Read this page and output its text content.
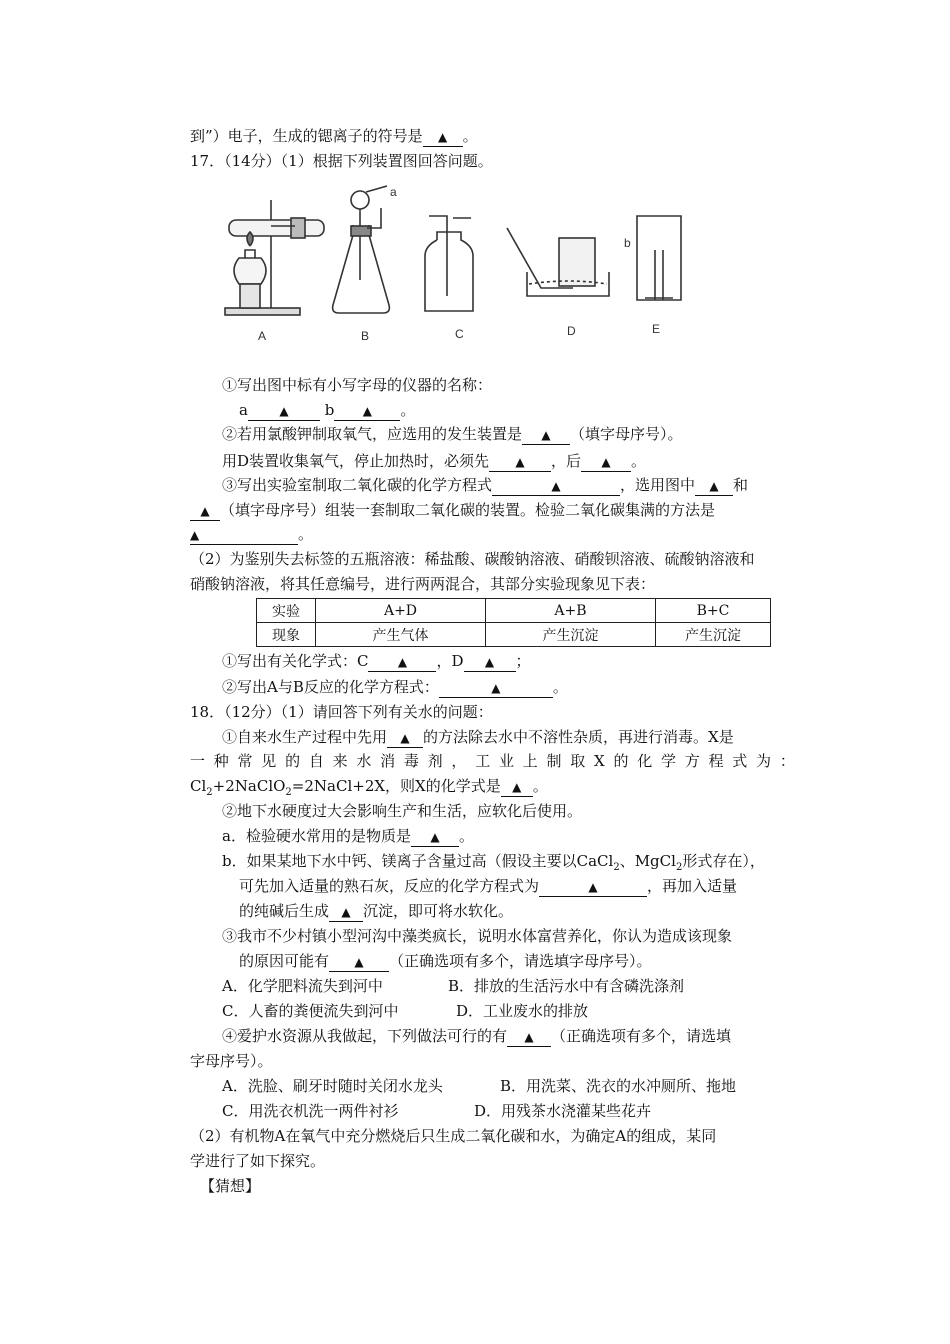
到”）电子，生成的锶离子的符号是 ▲ 。
17．（14分）（1）根据下列装置图回答问题。
A
a
B	C	D
b
E
①写出图中标有小写字母的仪器的名称：
a	▲ b ▲ 。
②若用氯酸钾制取氧气，应选用的发生装置是 ▲ （填字母序号）。
用D装置收集氧气，停止加热时，必须先 ▲ ，后 ▲ 。
③写出实验室制取二氧化碳的化学方程式	▲	，选用图中 ▲ 和
▲ （填字母序号）组装一套制取二氧化碳的装置。检验二氧化碳集满的方法是
▲	。
（2）为鉴别失去标签的五瓶溶液：稀盐酸、碳酸钠溶液、硝酸钡溶液、硫酸钠溶液和
硝酸钠溶液，将其任意编号，进行两两混合，其部分实验现象见下表：
实验	A+D	A+B	B+C
现象	产生气体	产生沉淀	产生沉淀
①写出有关化学式：C ▲ ，D ▲ ；
②写出A与B反应的化学方程式：	▲	。
18．（12分）（1）请回答下列有关水的问题：
①自来水生产过程中先用 ▲ 的方法除去水中不溶性杂质，再进行消毒。X是
一 种 常 见 的 自 来 水 消 毒 剂 ， 工 业 上 制 取 X 的 化 学 方 程 式 为 ：
$Cl_2+2NaClO_2=2NaCl+2X$，则X的化学式是 ▲ 。
②地下水硬度过大会影响生产和生活，应软化后使用。
a．检验硬水常用的是物质是 ▲ 。
b．如果某地下水中钙、镁离子含量过高（假设主要以CaCl$_2$、MgCl$_2$形式存在），
可先加入适量的熟石灰，反应的化学方程式为	▲	，再加入适量
的纯碱后生成 ▲ 沉淀，即可将水软化。
③我市不少村镇小型河沟中藻类疯长，说明水体富营养化，你认为造成该现象
的原因可能有 ▲ （正确选项有多个，请选填字母序号）。
A．化学肥料流失到河中	B．排放的生活污水中有含磷洗涤剂
C．人畜的粪便流失到河中	D．工业废水的排放
④爱护水资源从我做起，下列做法可行的有 ▲ （正确选项有多个，请选填
字母序号）。
A．洗脸、刷牙时随时关闭水龙头	B．用洗菜、洗衣的水冲厕所、拖地
C．用洗衣机洗一两件衬衫	D．用残茶水浇灌某些花卉
（2）有机物A在氧气中充分燃烧后只生成二氧化碳和水，为确定A的组成，某同
学进行了如下探究。
【猜想】
